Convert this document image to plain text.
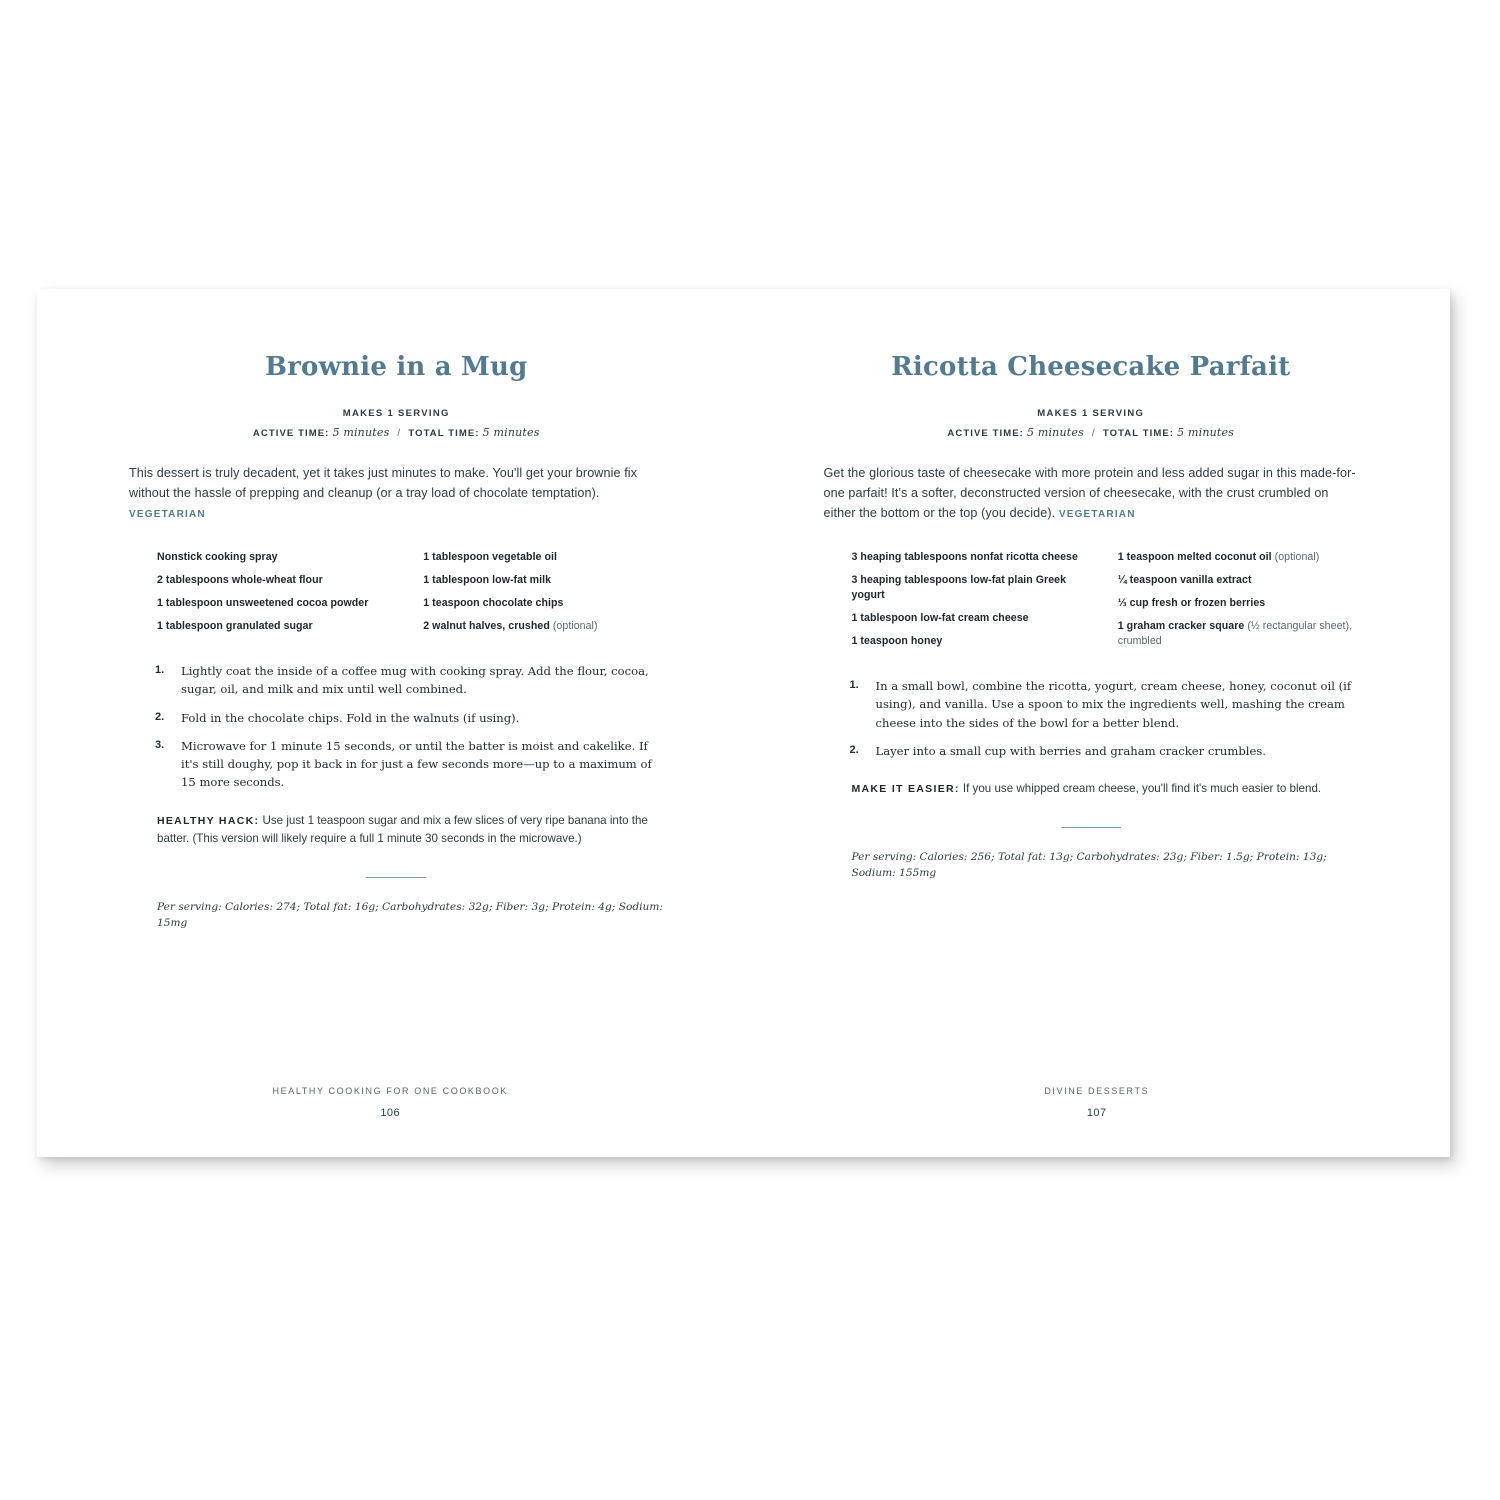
Brownie in a Mug
MAKES 1 SERVING
ACTIVE TIME: 5 minutes / TOTAL TIME: 5 minutes

This dessert is truly decadent, yet it takes just minutes to make. You'll get your brownie fix without the hassle of prepping and cleanup (or a tray load of chocolate temptation). VEGETARIAN

Nonstick cooking spray
2 tablespoons whole-wheat flour
1 tablespoon unsweetened cocoa powder
1 tablespoon granulated sugar
1 tablespoon vegetable oil
1 tablespoon low-fat milk
1 teaspoon chocolate chips
2 walnut halves, crushed (optional)
Lightly coat the inside of a coffee mug with cooking spray. Add the flour, cocoa, sugar, oil, and milk and mix until well combined.
Fold in the chocolate chips. Fold in the walnuts (if using).
Microwave for 1 minute 15 seconds, or until the batter is moist and cakelike. If it's still doughy, pop it back in for just a few seconds more—up to a maximum of 15 more seconds.

HEALTHY HACK: Use just 1 teaspoon sugar and mix a few slices of very ripe banana into the batter. (This version will likely require a full 1 minute 30 seconds in the microwave.)

Per serving: Calories: 274; Total fat: 16g; Carbohydrates: 32g; Fiber: 3g; Protein: 4g; Sodium: 15mg

HEALTHY COOKING FOR ONE COOKBOOK
106
Ricotta Cheesecake Parfait
MAKES 1 SERVING
ACTIVE TIME: 5 minutes / TOTAL TIME: 5 minutes

Get the glorious taste of cheesecake with more protein and less added sugar in this made-for-one parfait! It's a softer, deconstructed version of cheesecake, with the crust crumbled on either the bottom or the top (you decide). VEGETARIAN

3 heaping tablespoons nonfat ricotta cheese
3 heaping tablespoons low-fat plain Greek yogurt
1 tablespoon low-fat cream cheese
1 teaspoon honey
1 teaspoon melted coconut oil (optional)
¼ teaspoon vanilla extract
⅓ cup fresh or frozen berries
1 graham cracker square (½ rectangular sheet), crumbled
In a small bowl, combine the ricotta, yogurt, cream cheese, honey, coconut oil (if using), and vanilla. Use a spoon to mix the ingredients well, mashing the cream cheese into the sides of the bowl for a better blend.
Layer into a small cup with berries and graham cracker crumbles.

MAKE IT EASIER: If you use whipped cream cheese, you'll find it's much easier to blend.

Per serving: Calories: 256; Total fat: 13g; Carbohydrates: 23g; Fiber: 1.5g; Protein: 13g; Sodium: 155mg

DIVINE DESSERTS
107
